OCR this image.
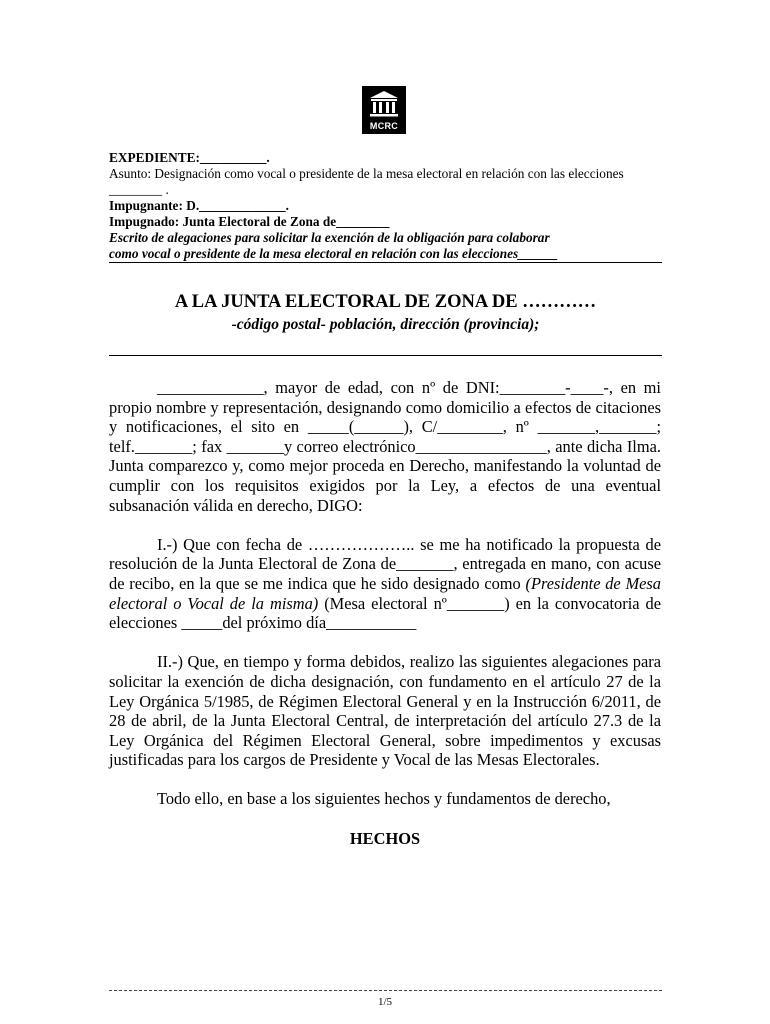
MCRC

EXPEDIENTE:__________.

Asunto: Designación como vocal o presidente de la mesa electoral en relación con las elecciones ________ .

Impugnante: D._____________.

Impugnado: Junta Electoral de Zona de________

Escrito de alegaciones para solicitar la exención de la obligación para colaborar

como vocal o presidente de la mesa electoral en relación con las elecciones______

A LA JUNTA ELECTORAL DE ZONA DE …………
-código postal- población, dirección (provincia);

_____________, mayor de edad, con nº de DNI:________-____-, en mi propio nombre y representación, designando como domicilio a efectos de citaciones y notificaciones, el sito en _____(______), C/________, nº _______,_______; telf._______; fax _______y correo electrónico________________, ante dicha Ilma. Junta comparezco y, como mejor proceda en Derecho, manifestando la voluntad de cumplir con los requisitos exigidos por la Ley, a efectos de una eventual subsanación válida en derecho, DIGO:

I.-) Que con fecha de ……………….. se me ha notificado la propuesta de resolución de la Junta Electoral de Zona de_______, entregada en mano, con acuse de recibo, en la que se me indica que he sido designado como (Presidente de Mesa electoral o Vocal de la misma) (Mesa electoral nº_______) en la convocatoria de elecciones _____del próximo día___________

II.-) Que, en tiempo y forma debidos, realizo las siguientes alegaciones para solicitar la exención de dicha designación, con fundamento en el artículo 27 de la Ley Orgánica 5/1985, de Régimen Electoral General y en la Instrucción 6/2011, de 28 de abril, de la Junta Electoral Central, de interpretación del artículo 27.3 de la Ley Orgánica del Régimen Electoral General, sobre impedimentos y excusas justificadas para los cargos de Presidente y Vocal de las Mesas Electorales.

Todo ello, en base a los siguientes hechos y fundamentos de derecho,

HECHOS

1/5
